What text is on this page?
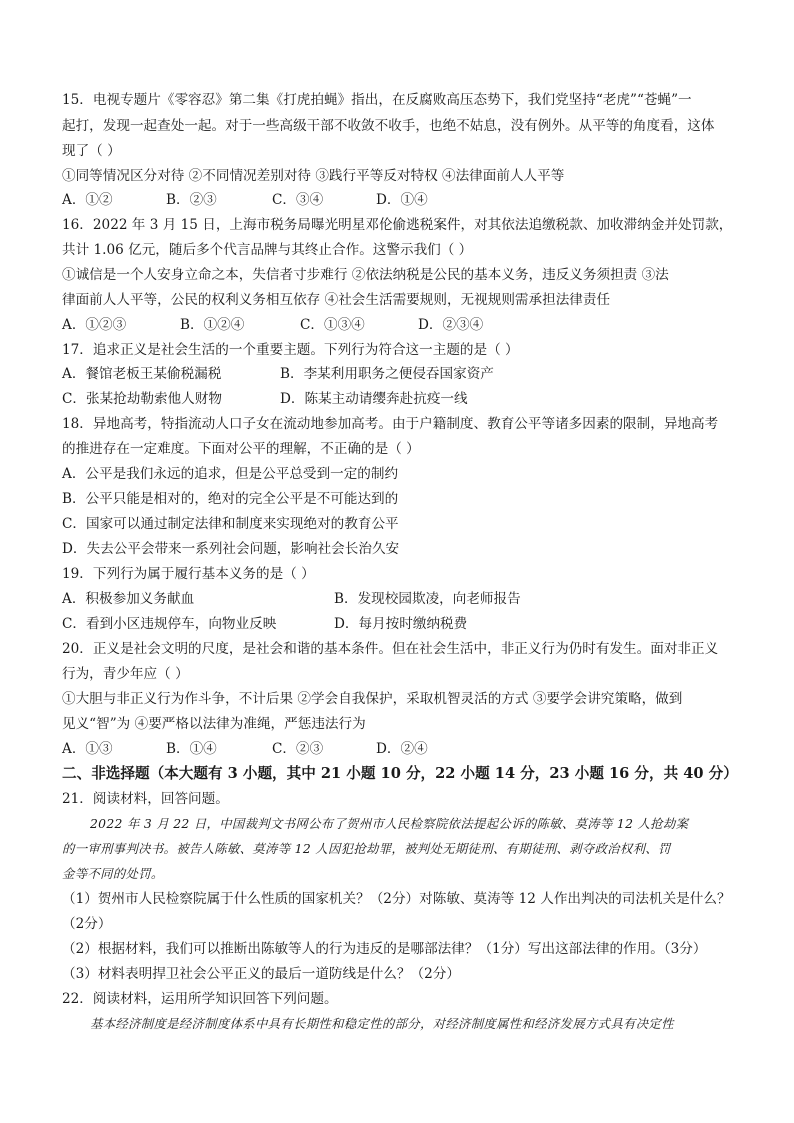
15．电视专题片《零容忍》第二集《打虎拍蝇》指出，在反腐败高压态势下，我们党坚持“老虎”“苍蝇”一
起打，发现一起查处一起。对于一些高级干部不收敛不收手，也绝不姑息，没有例外。从平等的角度看，这体
现了（ ）
①同等情况区分对待 ②不同情况差别对待 ③践行平等反对特权 ④法律面前人人平等
A．①②	B．②③	C．③④	D．①④
16．2022 年 3 月 15 日，上海市税务局曝光明星邓伦偷逃税案件，对其依法追缴税款、加收滞纳金并处罚款，
共计 1.06 亿元，随后多个代言品牌与其终止合作。这警示我们（ ）
①诚信是一个人安身立命之本，失信者寸步难行 ②依法纳税是公民的基本义务，违反义务须担责 ③法
律面前人人平等，公民的权利义务相互依存 ④社会生活需要规则，无视规则需承担法律责任
A．①②③	B．①②④	C．①③④	D．②③④
17．追求正义是社会生活的一个重要主题。下列行为符合这一主题的是（ ）
A．餐馆老板王某偷税漏税	B．李某利用职务之便侵吞国家资产
C．张某抢劫勒索他人财物	D．陈某主动请缨奔赴抗疫一线
18．异地高考，特指流动人口子女在流动地参加高考。由于户籍制度、教育公平等诸多因素的限制，异地高考
的推进存在一定难度。下面对公平的理解，不正确的是（ ）
A．公平是我们永远的追求，但是公平总受到一定的制约
B．公平只能是相对的，绝对的完全公平是不可能达到的
C．国家可以通过制定法律和制度来实现绝对的教育公平
D．失去公平会带来一系列社会问题，影响社会长治久安
19．下列行为属于履行基本义务的是（ ）
A．积极参加义务献血	B．发现校园欺凌，向老师报告
C．看到小区违规停车，向物业反映	D．每月按时缴纳税费
20．正义是社会文明的尺度，是社会和谐的基本条件。但在社会生活中，非正义行为仍时有发生。面对非正义
行为，青少年应（ ）
①大胆与非正义行为作斗争，不计后果 ②学会自我保护，采取机智灵活的方式 ③要学会讲究策略，做到
见义“智”为 ④要严格以法律为准绳，严惩违法行为
A．①③	B．①④	C．②③	D．②④
二、非选择题（本大题有 3 小题，其中 21 小题 10 分，22 小题 14 分，23 小题 16 分，共 40 分）
21．阅读材料，回答问题。
2022 年 3 月 22 日，中国裁判文书网公布了贺州市人民检察院依法提起公诉的陈敏、莫涛等 12 人抢劫案
的一审刑事判决书。被告人陈敏、莫涛等 12 人因犯抢劫罪，被判处无期徒刑、有期徒刑、剥夺政治权利、罚
金等不同的处罚。
（1）贺州市人民检察院属于什么性质的国家机关？（2分）对陈敏、莫涛等 12 人作出判决的司法机关是什么？
（2分）
（2）根据材料，我们可以推断出陈敏等人的行为违反的是哪部法律？（1分）写出这部法律的作用。（3分）
（3）材料表明捍卫社会公平正义的最后一道防线是什么？（2分）
22．阅读材料，运用所学知识回答下列问题。
基本经济制度是经济制度体系中具有长期性和稳定性的部分，对经济制度属性和经济发展方式具有决定性
